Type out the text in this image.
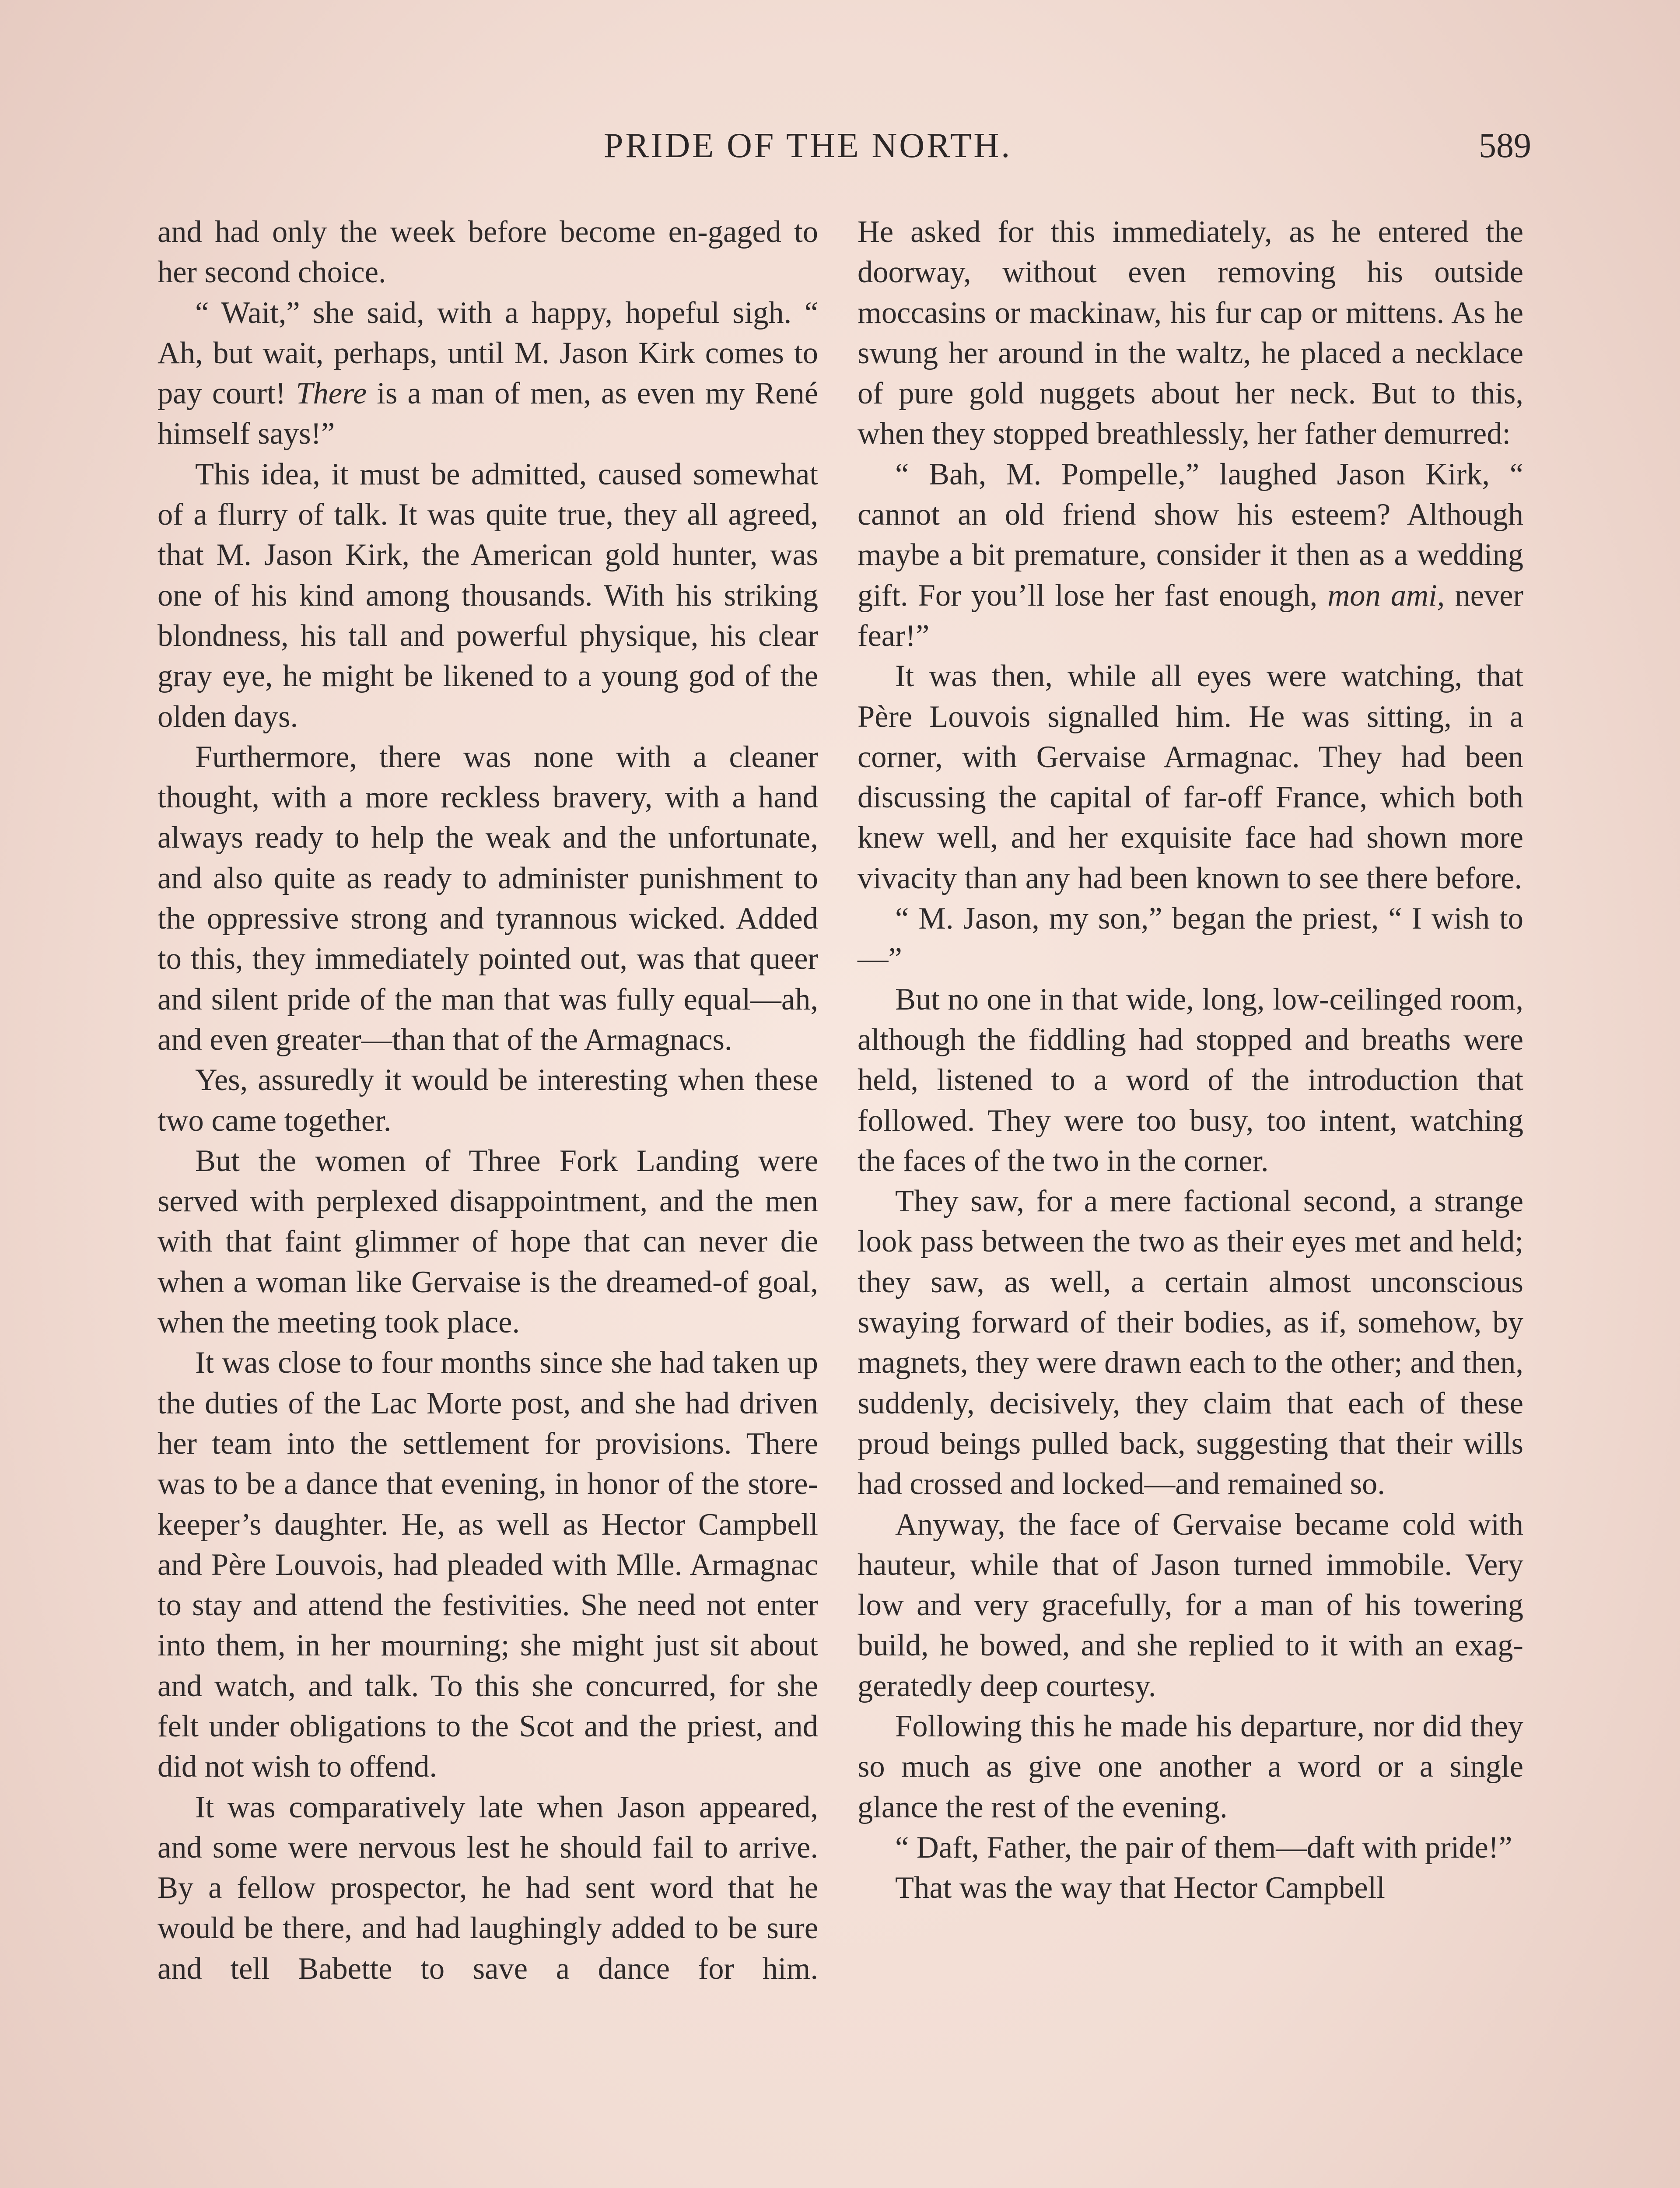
PRIDE OF THE NORTH.	589

and had only the week before become en-gaged to her second choice.

“ Wait,” she said, with a happy, hopeful sigh. “ Ah, but wait, perhaps, until M. Jason Kirk comes to pay court! There is a man of men, as even my René himself says!”

This idea, it must be admitted, caused somewhat of a flurry of talk. It was quite true, they all agreed, that M. Jason Kirk, the American gold hunter, was one of his kind among thousands. With his striking blondness, his tall and powerful physique, his clear gray eye, he might be likened to a young god of the olden days.

Furthermore, there was none with a cleaner thought, with a more reckless bravery, with a hand always ready to help the weak and the unfortunate, and also quite as ready to administer punishment to the oppressive strong and tyrannous wicked. Added to this, they immediately pointed out, was that queer and silent pride of the man that was fully equal—ah, and even greater—than that of the Armagnacs.

Yes, assuredly it would be interesting when these two came together.

But the women of Three Fork Landing were served with perplexed disappointment, and the men with that faint glimmer of hope that can never die when a woman like Gervaise is the dreamed-of goal, when the meeting took place.

It was close to four months since she had taken up the duties of the Lac Morte post, and she had driven her team into the settlement for provisions. There was to be a dance that evening, in honor of the storekeeper’s daughter. He, as well as Hector Campbell and Père Louvois, had pleaded with Mlle. Armagnac to stay and attend the festivities. She need not enter into them, in her mourning; she might just sit about and watch, and talk. To this she concurred, for she felt under obligations to the Scot and the priest, and did not wish to offend.

It was comparatively late when Jason appeared, and some were nervous lest he should fail to arrive. By a fellow prospector, he had sent word that he would be there, and had laughingly added to be sure and tell Babette to save a dance for him.

He asked for this immediately, as he entered the doorway, without even removing his outside moccasins or mackinaw, his fur cap or mittens. As he swung her around in the waltz, he placed a necklace of pure gold nuggets about her neck. But to this, when they stopped breathlessly, her father demurred:

“ Bah, M. Pompelle,” laughed Jason Kirk, “ cannot an old friend show his esteem? Although maybe a bit premature, consider it then as a wedding gift. For you’ll lose her fast enough, mon ami, never fear!”

It was then, while all eyes were watching, that Père Louvois signalled him. He was sitting, in a corner, with Gervaise Armagnac. They had been discussing the capital of far-off France, which both knew well, and her exquisite face had shown more vivacity than any had been known to see there before.

“ M. Jason, my son,” began the priest, “ I wish to—”

But no one in that wide, long, low-ceilinged room, although the fiddling had stopped and breaths were held, listened to a word of the introduction that followed. They were too busy, too intent, watching the faces of the two in the corner.

They saw, for a mere factional second, a strange look pass between the two as their eyes met and held; they saw, as well, a certain almost unconscious swaying forward of their bodies, as if, somehow, by magnets, they were drawn each to the other; and then, suddenly, decisively, they claim that each of these proud beings pulled back, suggesting that their wills had crossed and locked—and remained so.

Anyway, the face of Gervaise became cold with hauteur, while that of Jason turned immobile. Very low and very gracefully, for a man of his towering build, he bowed, and she replied to it with an exaggeratedly deep courtesy.

Following this he made his departure, nor did they so much as give one another a word or a single glance the rest of the evening.

“ Daft, Father, the pair of them—daft with pride!”

That was the way that Hector Campbell
